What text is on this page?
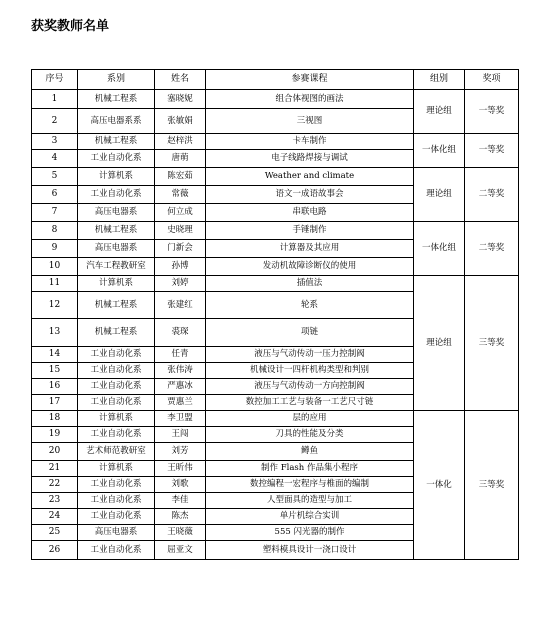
获奖教师名单
序号	系别	姓名	参赛课程	组别	奖项
1	机械工程系	塞晓妮	组合体视图的画法	理论组	一等奖
2	高压电器系系	张敏娟	三视图		
3	机械工程系	赵梓洪	卡车制作	一体化组	一等奖
4	工业自动化系	唐萌	电子线路焊接与调试		
5	计算机系	陈宏茹	Weather and climate	理论组	二等奖
6	工业自动化系	常薇	语文一成语故事会		
7	高压电器系	何立成	串联电路		
8	机械工程系	史晓理	手锤制作	一体化组	二等奖
9	高压电器系	门新会	计算器及其应用		
10	汽车工程教研室	孙博	发动机故障诊断仪的使用		
11	计算机系	刘婷	插值法	理论组	三等奖
12	机械工程系	张建红	轮系		
13	机械工程系	裘琛	项链		
14	工业自动化系	任青	液压与气动传动一压力控制阀		
15	工业自动化系	张伟涛	机械设计一四杆机构类型和判别		
16	工业自动化系	严惠冰	液压与气动传动一方向控制阀		
17	工业自动化系	贾惠兰	数控加工工艺与装备一工艺尺寸链		
18	计算机系	李卫盟	层的应用	一体化	三等奖
19	工业自动化系	王闯	刀具的性能及分类		
20	艺术师范教研室	刘芳	鳟鱼		
21	计算机系	王昕伟	制作 Flash 作品集小程序		
22	工业自动化系	刘歌	数控编程一宏程序与椎面的编制		
23	工业自动化系	李佳	人型面具的造型与加工		
24	工业自动化系	陈杰	单片机综合实训		
25	高压电器系	王晓薇	555 闪光器的制作		
26	工业自动化系	屈亚文	塑料模具设计一浇口设计		
